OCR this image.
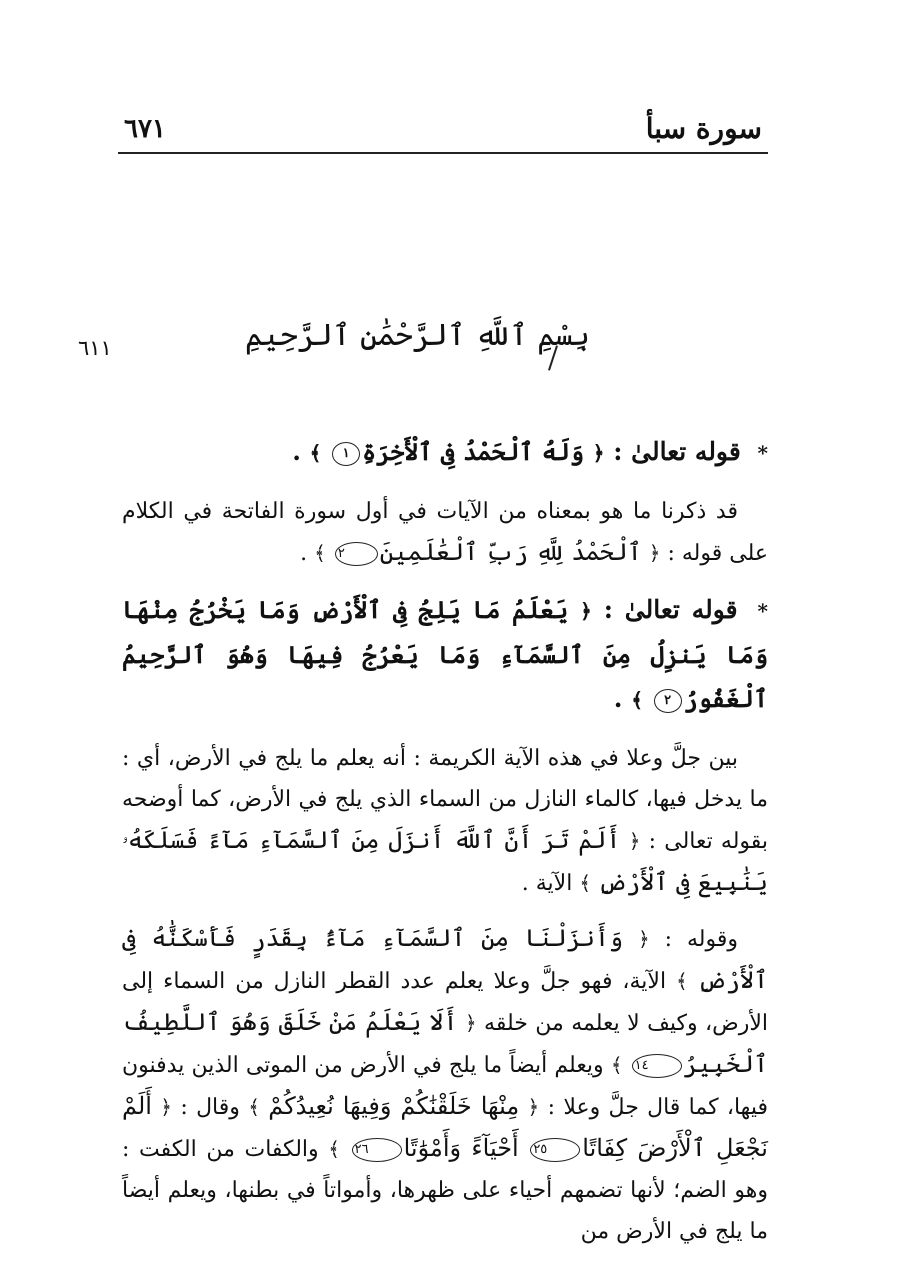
٦٧١	سورة سبأ
٦١١	بِسْمِ ٱللَّهِ ٱلرَّحْمَٰنِ ٱلرَّحِيمِ
* قوله تعالىٰ : ﴿ وَلَهُ ٱلْحَمْدُ فِى ٱلْأَخِرَةِ١ ﴾ .

قد ذكرنا ما هو بمعناه من الآيات في أول سورة الفاتحة في الكلام على قوله : ﴿ ٱلْحَمْدُ لِلَّهِ رَبِّ ٱلْعَٰلَمِينَ٢ ﴾ .

* قوله تعالىٰ : ﴿ يَعْلَمُ مَا يَلِجُ فِى ٱلْأَرْضِ وَمَا يَخْرُجُ مِنْهَا وَمَا يَنزِلُ مِنَ ٱلسَّمَآءِ وَمَا يَعْرُجُ فِيهَا وَهُوَ ٱلرَّحِيمُ ٱلْغَفُورُ٢ ﴾ .

بين جلَّ وعلا في هذه الآية الكريمة : أنه يعلم ما يلج في الأرض، أي : ما يدخل فيها، كالماء النازل من السماء الذي يلج في الأرض، كما أوضحه بقوله تعالى : ﴿ أَلَمْ تَرَ أَنَّ ٱللَّهَ أَنزَلَ مِنَ ٱلسَّمَآءِ مَآءً فَسَلَكَهُۥ يَنَٰبِيعَ فِى ٱلْأَرْضِ ﴾ الآية .

وقوله : ﴿ وَأَنزَلْنَا مِنَ ٱلسَّمَآءِ مَآءًۢ بِقَدَرٍ فَأَسْكَنَّٰهُ فِى ٱلْأَرْضِ ﴾ الآية، فهو جلَّ وعلا يعلم عدد القطر النازل من السماء إلى الأرض، وكيف لا يعلمه من خلقه ﴿ أَلَا يَعْلَمُ مَنْ خَلَقَ وَهُوَ ٱللَّطِيفُ ٱلْخَبِيرُ١٤ ﴾ ويعلم أيضاً ما يلج في الأرض من الموتى الذين يدفنون فيها، كما قال جلَّ وعلا : ﴿ مِنْهَا خَلَقْنَٰكُمْ وَفِيهَا نُعِيدُكُمْ ﴾ وقال : ﴿ أَلَمْ نَجْعَلِ ٱلْأَرْضَ كِفَاتًا٢٥ أَحْيَآءً وَأَمْوَٰتًا٢٦ ﴾ والكفات من الكفت : وهو الضم؛ لأنها تضمهم أحياء على ظهرها، وأمواتاً في بطنها، ويعلم أيضاً ما يلج في الأرض من
